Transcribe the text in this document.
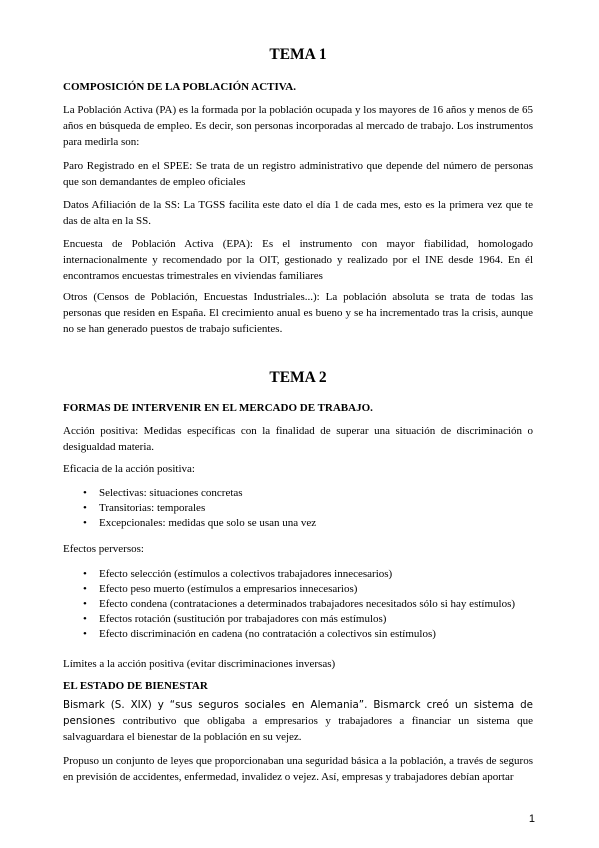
TEMA 1
COMPOSICIÓN DE LA POBLACIÓN ACTIVA.

La Población Activa (PA) es la formada por la población ocupada y los mayores de 16 años y menos de 65 años en búsqueda de empleo. Es decir, son personas incorporadas al mercado de trabajo. Los instrumentos para medirla son:

Paro Registrado en el SPEE: Se trata de un registro administrativo que depende del número de personas que son demandantes de empleo oficiales

Datos Afiliación de la SS: La TGSS facilita este dato el día 1 de cada mes, esto es la primera vez que te das de alta en la SS.

Encuesta de Población Activa (EPA): Es el instrumento con mayor fiabilidad, homologado internacionalmente y recomendado por la OIT, gestionado y realizado por el INE desde 1964. En él encontramos encuestas trimestrales en viviendas familiares

Otros (Censos de Población, Encuestas Industriales...): La población absoluta se trata de todas las personas que residen en España. El crecimiento anual es bueno y se ha incrementado tras la crisis, aunque no se han generado puestos de trabajo suficientes.

TEMA 2
FORMAS DE INTERVENIR EN EL MERCADO DE TRABAJO.

Acción positiva: Medidas específicas con la finalidad de superar una situación de discriminación o desigualdad materia.

Eficacia de la acción positiva:

• Selectivas: situaciones concretas
• Transitorias: temporales
• Excepcionales: medidas que solo se usan una vez

Efectos perversos:

• Efecto selección (estímulos a colectivos trabajadores innecesarios)
• Efecto peso muerto (estímulos a empresarios innecesarios)
• Efecto condena (contrataciones a determinados trabajadores necesitados sólo si hay estímulos)
• Efectos rotación (sustitución por trabajadores con más estímulos)
• Efecto discriminación en cadena (no contratación a colectivos sin estímulos)

Límites a la acción positiva (evitar discriminaciones inversas)

EL ESTADO DE BIENESTAR

Bismark (S. XIX) y “sus seguros sociales en Alemania”. Bismarck creó un sistema de pensiones contributivo que obligaba a empresarios y trabajadores a financiar un sistema que salvaguardara el bienestar de la población en su vejez.

Propuso un conjunto de leyes que proporcionaban una seguridad básica a la población, a través de seguros en previsión de accidentes, enfermedad, invalidez o vejez. Así, empresas y trabajadores debían aportar

1
